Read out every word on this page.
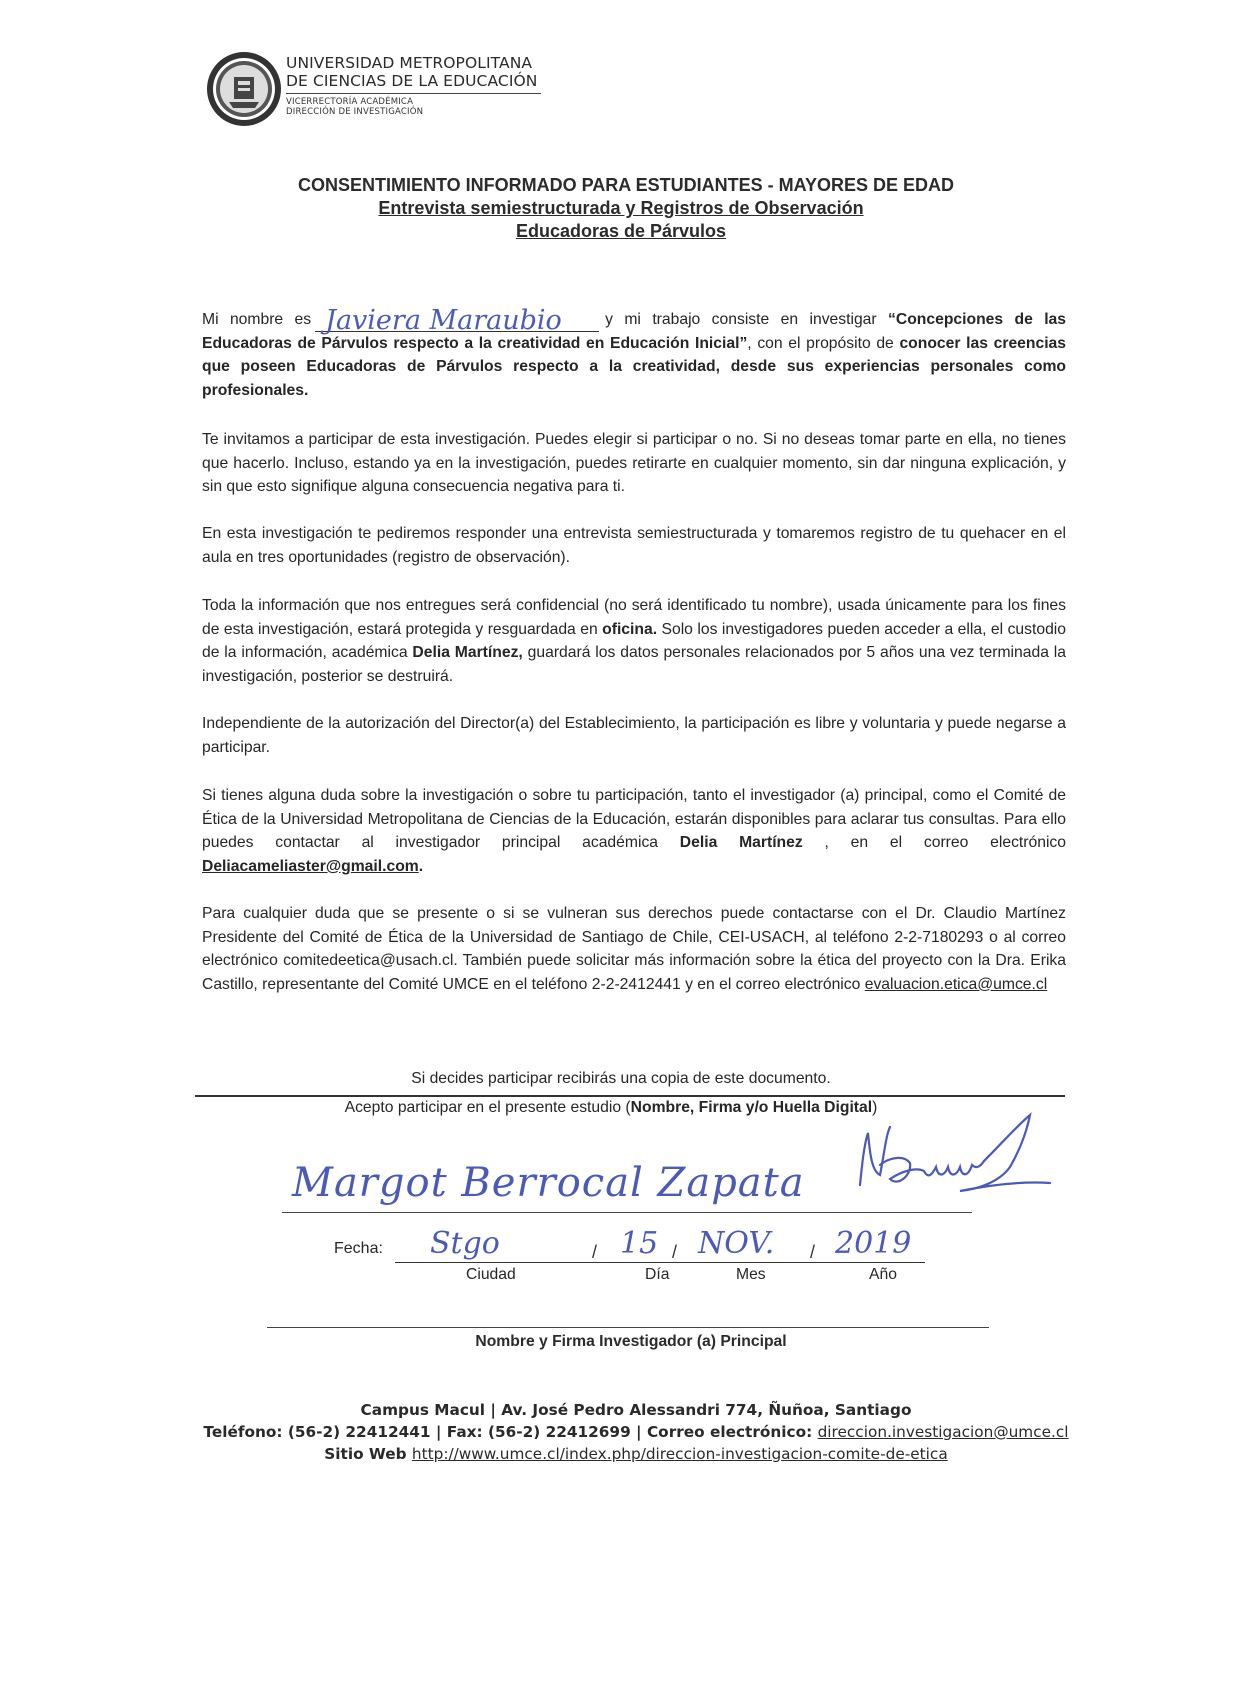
UNIVERSIDAD METROPOLITANA
DE CIENCIAS DE LA EDUCACIÓN
VICERRECTORÍA ACADÉMICA
DIRECCIÓN DE INVESTIGACIÓN
CONSENTIMIENTO INFORMADO PARA ESTUDIANTES - MAYORES DE EDAD
Entrevista semiestructurada y Registros de Observación
Educadoras de Párvulos

Mi nombre es Javiera Maraubio	y mi trabajo consiste en investigar “Concepciones de las Educadoras de Párvulos respecto a la creatividad en Educación Inicial”, con el propósito de conocer las creencias que poseen Educadoras de Párvulos respecto a la creatividad, desde sus experiencias personales como profesionales.

Te invitamos a participar de esta investigación. Puedes elegir si participar o no. Si no deseas tomar parte en ella, no tienes que hacerlo. Incluso, estando ya en la investigación, puedes retirarte en cualquier momento, sin dar ninguna explicación, y sin que esto signifique alguna consecuencia negativa para ti.

En esta investigación te pediremos responder una entrevista semiestructurada y tomaremos registro de tu quehacer en el aula en tres oportunidades (registro de observación).

Toda la información que nos entregues será confidencial (no será identificado tu nombre), usada únicamente para los fines de esta investigación, estará protegida y resguardada en oficina. Solo los investigadores pueden acceder a ella, el custodio de la información, académica Delia Martínez, guardará los datos personales relacionados por 5 años una vez terminada la investigación, posterior se destruirá.

Independiente de la autorización del Director(a) del Establecimiento, la participación es libre y voluntaria y puede negarse a participar.

Si tienes alguna duda sobre la investigación o sobre tu participación, tanto el investigador (a) principal, como el Comité de Ética de la Universidad Metropolitana de Ciencias de la Educación, estarán disponibles para aclarar tus consultas. Para ello puedes contactar al investigador principal académica Delia Martínez , en el correo electrónico Deliacameliaster@gmail.com.

Para cualquier duda que se presente o si se vulneran sus derechos puede contactarse con el Dr. Claudio Martínez Presidente del Comité de Ética de la Universidad de Santiago de Chile, CEI-USACH, al teléfono 2-2-7180293 o al correo electrónico comitedeetica@usach.cl. También puede solicitar más información sobre la ética del proyecto con la Dra. Erika Castillo, representante del Comité UMCE en el teléfono 2-2-2412441 y en el correo electrónico evaluacion.etica@umce.cl

Si decides participar recibirás una copia de este documento.
Acepto participar en el presente estudio (Nombre, Firma y/o Huella Digital)
Margot Berrocal Zapata
Fecha: Stgo	/ 15 / NOV. / 2019
Ciudad	Día	Mes	Año
Nombre y Firma Investigador (a) Principal
Campus Macul | Av. José Pedro Alessandri 774, Ñuñoa, Santiago
Teléfono: (56-2) 22412441 | Fax: (56-2) 22412699 | Correo electrónico: direccion.investigacion@umce.cl
Sitio Web http://www.umce.cl/index.php/direccion-investigacion-comite-de-etica
